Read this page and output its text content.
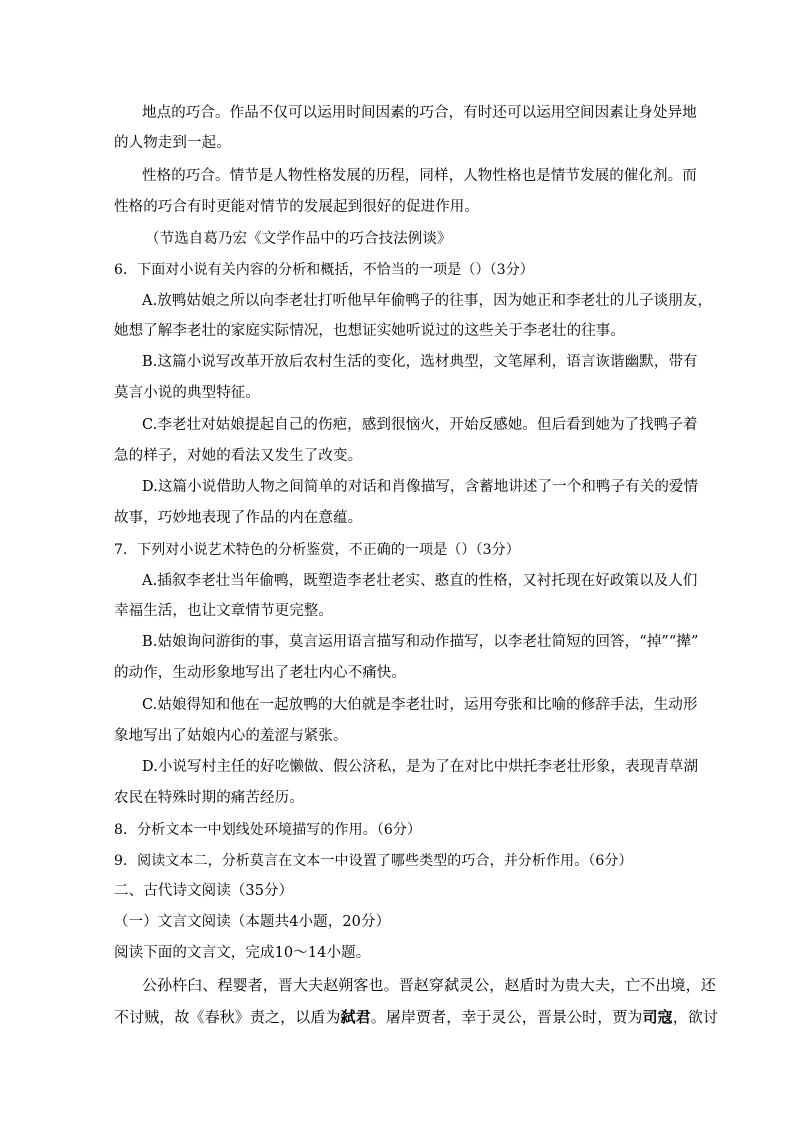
地点的巧合。作品不仅可以运用时间因素的巧合，有时还可以运用空间因素让身处异地
的人物走到一起。
性格的巧合。情节是人物性格发展的历程，同样，人物性格也是情节发展的催化剂。而
性格的巧合有时更能对情节的发展起到很好的促进作用。
（节选自葛乃宏《文学作品中的巧合技法例谈》
6．下面对小说有关内容的分析和概括，不恰当的一项是（）（3分）
A.放鸭姑娘之所以向李老壮打听他早年偷鸭子的往事，因为她正和李老壮的儿子谈朋友，
她想了解李老壮的家庭实际情况，也想证实她听说过的这些关于李老壮的往事。
B.这篇小说写改革开放后农村生活的变化，选材典型，文笔犀利，语言诙谐幽默，带有
莫言小说的典型特征。
C.李老壮对姑娘提起自己的伤疤，感到很恼火，开始反感她。但后看到她为了找鸭子着
急的样子，对她的看法又发生了改变。
D.这篇小说借助人物之间简单的对话和肖像描写，含蓄地讲述了一个和鸭子有关的爱情
故事，巧妙地表现了作品的内在意蕴。
7．下列对小说艺术特色的分析鉴赏，不正确的一项是（）（3分）
A.插叙李老壮当年偷鸭，既塑造李老壮老实、憨直的性格，又衬托现在好政策以及人们
幸福生活，也让文章情节更完整。
B.姑娘询问游街的事，莫言运用语言描写和动作描写，以李老壮简短的回答，“掉”“撵”
的动作，生动形象地写出了老壮内心不痛快。
C.姑娘得知和他在一起放鸭的大伯就是李老壮时，运用夸张和比喻的修辞手法，生动形
象地写出了姑娘内心的羞涩与紧张。
D.小说写村主任的好吃懒做、假公济私，是为了在对比中烘托李老壮形象，表现青草湖
农民在特殊时期的痛苦经历。
8．分析文本一中划线处环境描写的作用。（6分）
9．阅读文本二，分析莫言在文本一中设置了哪些类型的巧合，并分析作用。（6分）
二、古代诗文阅读（35分）
（一）文言文阅读（本题共4小题，20分）
阅读下面的文言文，完成10～14小题。
公孙杵臼、程婴者，晋大夫赵朔客也。晋赵穿弑灵公，赵盾时为贵大夫，亡不出境，还
不讨贼，故《春秋》责之，以盾为弑君。屠岸贾者，幸于灵公，晋景公时，贾为司寇，欲讨
